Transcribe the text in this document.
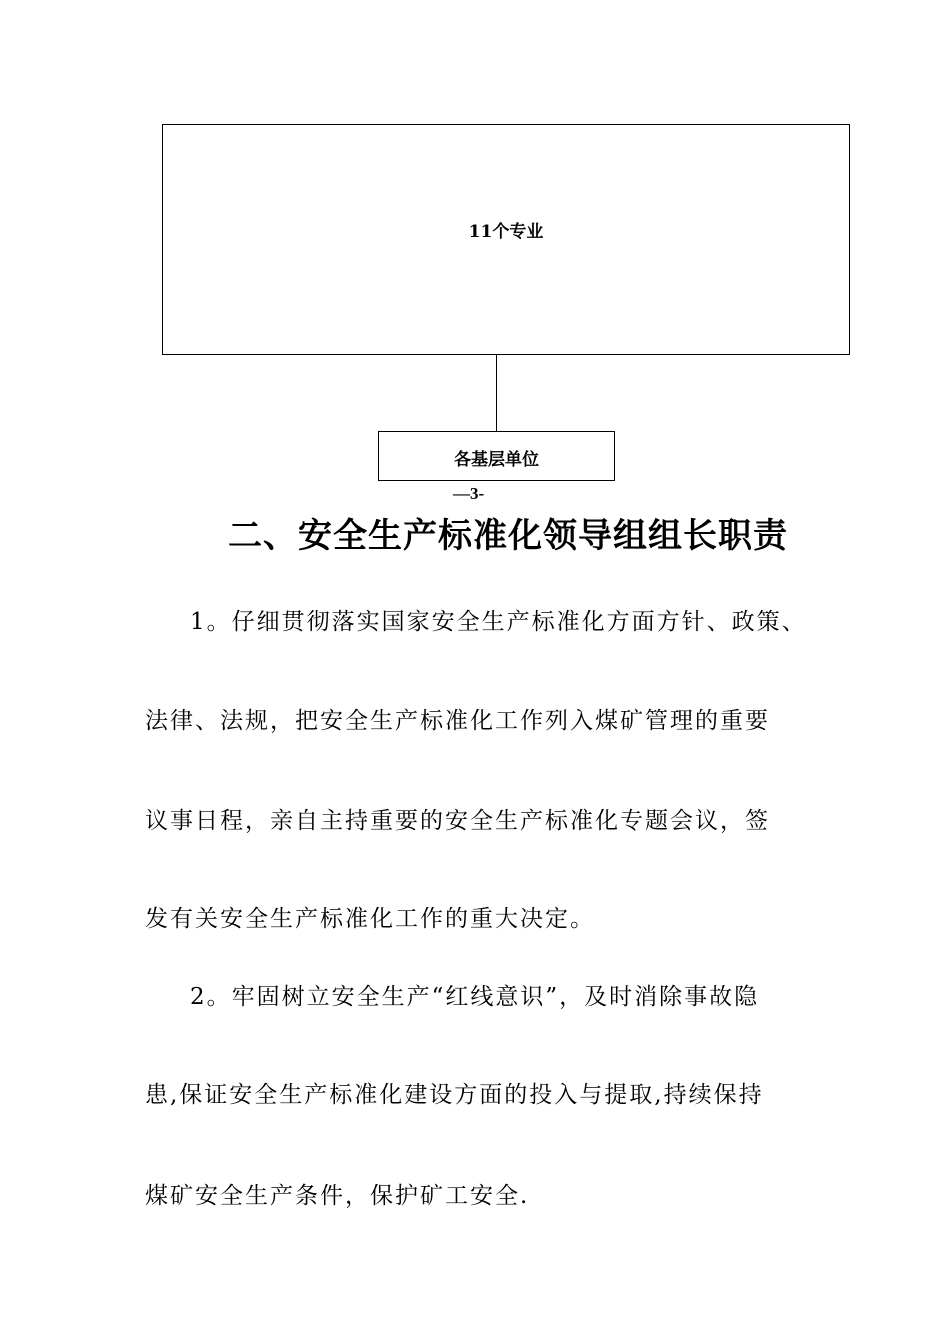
11个专业
各基层单位
—3-
二、安全生产标准化领导组组长职责
1。仔细贯彻落实国家安全生产标准化方面方针、政策、
法律、法规，把安全生产标准化工作列入煤矿管理的重要
议事日程，亲自主持重要的安全生产标准化专题会议，签
发有关安全生产标准化工作的重大决定。
2。牢固树立安全生产“红线意识”，及时消除事故隐
患,保证安全生产标准化建设方面的投入与提取,持续保持
煤矿安全生产条件，保护矿工安全.
